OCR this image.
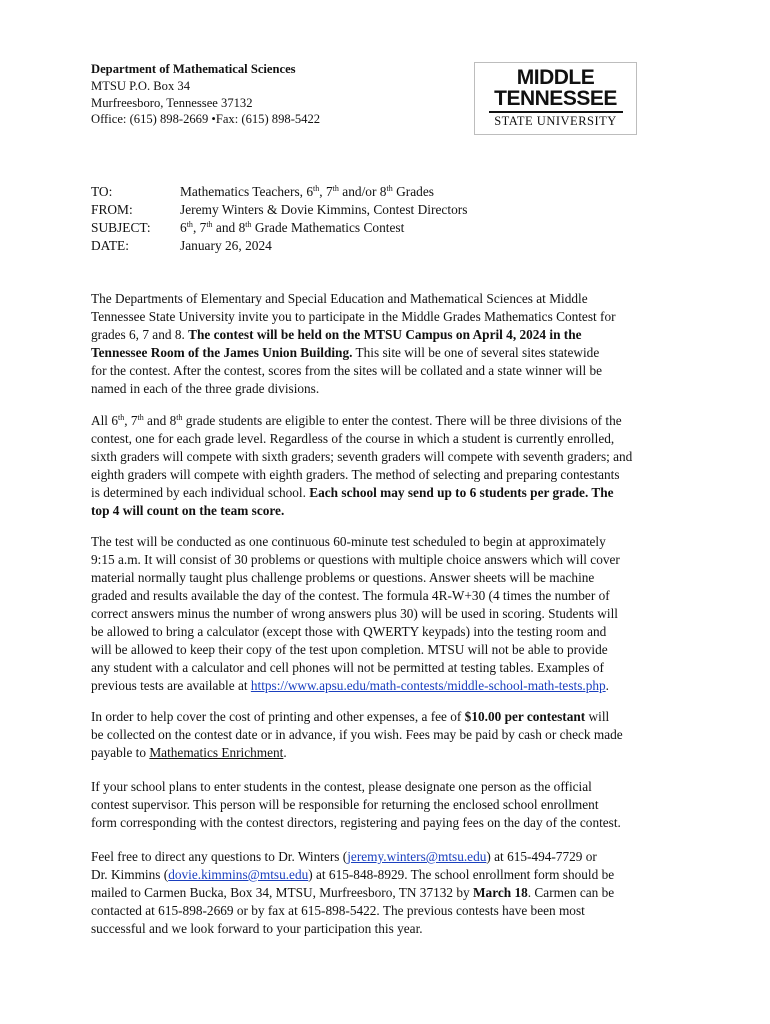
Department of Mathematical Sciences
MTSU P.O. Box 34
Murfreesboro, Tennessee 37132
Office: (615) 898-2669 •Fax: (615) 898-5422
MIDDLE
TENNESSEE
STATE UNIVERSITY
TO:	Mathematics Teachers, 6th, 7th and/or 8th Grades
FROM:	Jeremy Winters & Dovie Kimmins, Contest Directors
SUBJECT:	6th, 7th and 8th Grade Mathematics Contest
DATE:	January 26, 2024
The Departments of Elementary and Special Education and Mathematical Sciences at Middle
Tennessee State University invite you to participate in the Middle Grades Mathematics Contest for
grades 6, 7 and 8. The contest will be held on the MTSU Campus on April 4, 2024 in the
Tennessee Room of the James Union Building. This site will be one of several sites statewide
for the contest. After the contest, scores from the sites will be collated and a state winner will be
named in each of the three grade divisions.
All 6th, 7th and 8th grade students are eligible to enter the contest. There will be three divisions of the
contest, one for each grade level. Regardless of the course in which a student is currently enrolled,
sixth graders will compete with sixth graders; seventh graders will compete with seventh graders; and
eighth graders will compete with eighth graders. The method of selecting and preparing contestants
is determined by each individual school. Each school may send up to 6 students per grade. The
top 4 will count on the team score.
The test will be conducted as one continuous 60-minute test scheduled to begin at approximately
9:15 a.m. It will consist of 30 problems or questions with multiple choice answers which will cover
material normally taught plus challenge problems or questions. Answer sheets will be machine
graded and results available the day of the contest. The formula 4R-W+30 (4 times the number of
correct answers minus the number of wrong answers plus 30) will be used in scoring. Students will
be allowed to bring a calculator (except those with QWERTY keypads) into the testing room and
will be allowed to keep their copy of the test upon completion. MTSU will not be able to provide
any student with a calculator and cell phones will not be permitted at testing tables. Examples of
previous tests are available at https://www.apsu.edu/math-contests/middle-school-math-tests.php.
In order to help cover the cost of printing and other expenses, a fee of $10.00 per contestant will
be collected on the contest date or in advance, if you wish. Fees may be paid by cash or check made
payable to Mathematics Enrichment.
If your school plans to enter students in the contest, please designate one person as the official
contest supervisor. This person will be responsible for returning the enclosed school enrollment
form corresponding with the contest directors, registering and paying fees on the day of the contest.
Feel free to direct any questions to Dr. Winters (jeremy.winters@mtsu.edu) at 615-494-7729 or
Dr. Kimmins (dovie.kimmins@mtsu.edu) at 615-848-8929. The school enrollment form should be
mailed to Carmen Bucka, Box 34, MTSU, Murfreesboro, TN 37132 by March 18. Carmen can be
contacted at 615-898-2669 or by fax at 615-898-5422. The previous contests have been most
successful and we look forward to your participation this year.
